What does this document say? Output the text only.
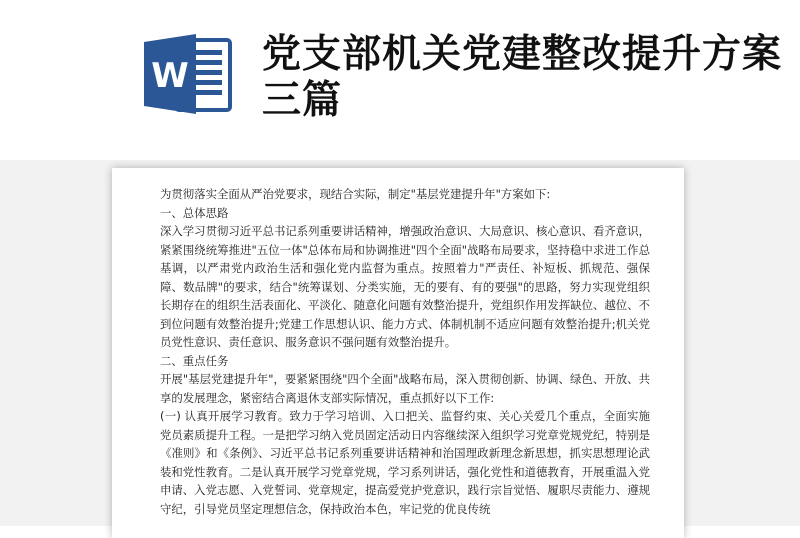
W 党支部机关党建整改提升方案三篇

为贯彻落实全面从严治党要求，现结合实际，制定"基层党建提升年"方案如下:

一、总体思路

深入学习贯彻习近平总书记系列重要讲话精神，增强政治意识、大局意识、核心意识、看齐意识，紧紧围绕统筹推进"五位一体"总体布局和协调推进"四个全面"战略布局要求，坚持稳中求进工作总基调，以严肃党内政治生活和强化党内监督为重点。按照着力"严责任、补短板、抓规范、强保障、数品牌"的要求，结合"统筹谋划、分类实施，无的要有、有的要强"的思路，努力实现党组织长期存在的组织生活表面化、平淡化、随意化问题有效整治提升，党组织作用发挥缺位、越位、不到位问题有效整治提升;党建工作思想认识、能力方式、体制机制不适应问题有效整治提升;机关党员党性意识、责任意识、服务意识不强问题有效整治提升。

二、重点任务

开展"基层党建提升年"，要紧紧围绕"四个全面"战略布局，深入贯彻创新、协调、绿色、开放、共享的发展理念，紧密结合离退休支部实际情况，重点抓好以下工作:

(一) 认真开展学习教育。致力于学习培训、入口把关、监督约束、关心关爱几个重点，全面实施党员素质提升工程。一是把学习纳入党员固定活动日内容继续深入组织学习党章党规党纪，特别是《准则》和《条例》、习近平总书记系列重要讲话精神和治国理政新理念新思想，抓实思想理论武装和党性教育。二是认真开展学习党章党规，学习系列讲话，强化党性和道德教育，开展重温入党申请、入党志愿、入党誓词、党章规定，提高爱党护党意识，践行宗旨觉悟、履职尽责能力、遵规守纪，引导党员坚定理想信念，保持政治本色，牢记党的优良传统
